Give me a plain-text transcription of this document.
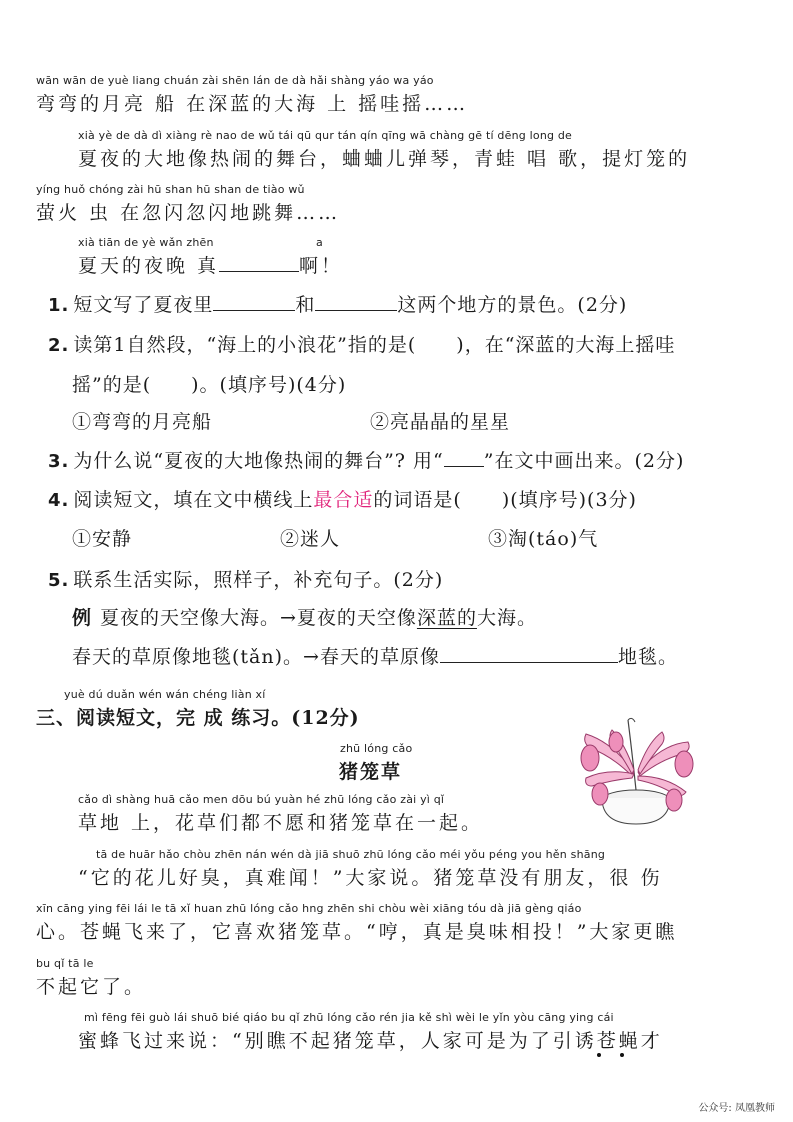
wān wān de yuè liang chuán zài shēn lán de dà hǎi shàng yáo wa yáo
弯弯的月亮 船 在深蓝的大海 上 摇哇摇……
xià yè de dà dì xiàng rè nao de wǔ tái qū qur tán qín qīng wā chàng gē tí dēng long de
夏夜的大地像热闹的舞台，蛐蛐儿弹琴，青蛙 唱 歌，提灯笼的
yíng huǒ chóng zài hū shan hū shan de tiào wǔ
萤火 虫 在忽闪忽闪地跳舞……
xià tiān de yè wǎn zhēn	a
夏天的夜晚 真	啊！
1. 短文写了夏夜里	和	这两个地方的景色。(2分)
2. 读第1自然段，“海上的小浪花”指的是(　　)，在“深蓝的大海上摇哇
摇”的是(　　)。(填序号)(4分)
①弯弯的月亮船	②亮晶晶的星星
3. 为什么说“夏夜的大地像热闹的舞台”? 用“ ”在文中画出来。(2分)
4. 阅读短文，填在文中横线上最合适的词语是(　　)(填序号)(3分)
①安静	②迷人	③淘(táo)气
5. 联系生活实际，照样子，补充句子。(2分)
例 夏夜的天空像大海。→夏夜的天空像深蓝的大海。
春天的草原像地毯(tǎn)。→春天的草原像	地毯。
yuè dú duǎn wén wán chéng liàn xí
三、阅读短文，完 成 练习。(12分)
zhū lóng cǎo
猪笼草
cǎo dì shàng huā cǎo men dōu bú yuàn hé zhū lóng cǎo zài yì qǐ
草地 上，花草们都不愿和猪笼草在一起。
tā de huār hǎo chòu zhēn nán wén dà jiā shuō zhū lóng cǎo méi yǒu péng you hěn shāng
“它的花儿好臭，真难闻！”大家说。猪笼草没有朋友，很 伤
xīn cāng ying fēi lái le tā xǐ huan zhū lóng cǎo hng zhēn shi chòu wèi xiāng tóu dà jiā gèng qiáo
心。苍蝇飞来了，它喜欢猪笼草。“哼，真是臭味相投！”大家更瞧
bu qǐ tā le
不起它了。
mì fēng fēi guò lái shuō bié qiáo bu qǐ zhū lóng cǎo rén jia kě shì wèi le yǐn yòu cāng ying cái
蜜蜂飞过来说：“别瞧不起猪笼草，人家可是为了引诱苍蝇才
公众号: 凤凰教师
